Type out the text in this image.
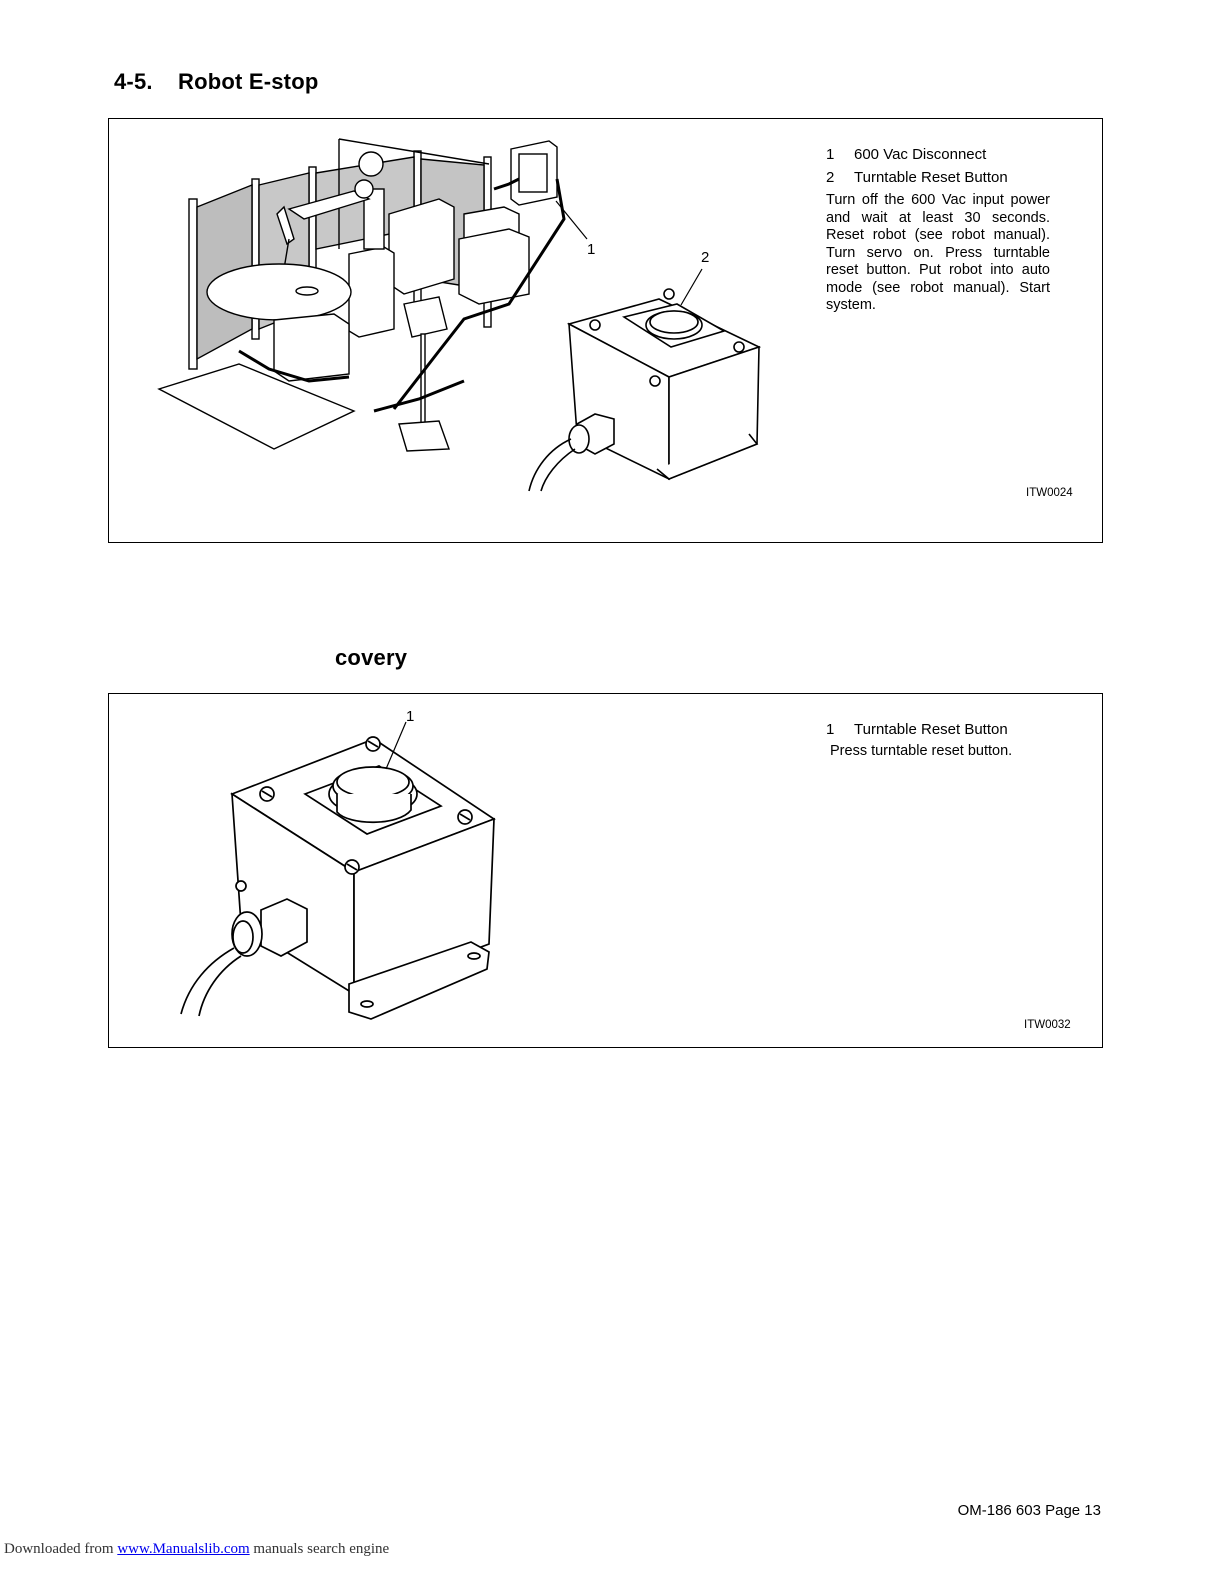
4-5. Robot E-stop
1	2
1 600 Vac Disconnect
2 Turntable Reset Button
Turn off the 600 Vac input power and wait at least 30 seconds. Reset robot (see robot manual). Turn servo on. Press turntable reset button. Put robot into auto mode (see robot manual). Start system.
ITW0024
covery
1
1 Turntable Reset Button
Press turntable reset button.
ITW0032
OM-186 603 Page 13
Downloaded from www.Manualslib.com manuals search engine
